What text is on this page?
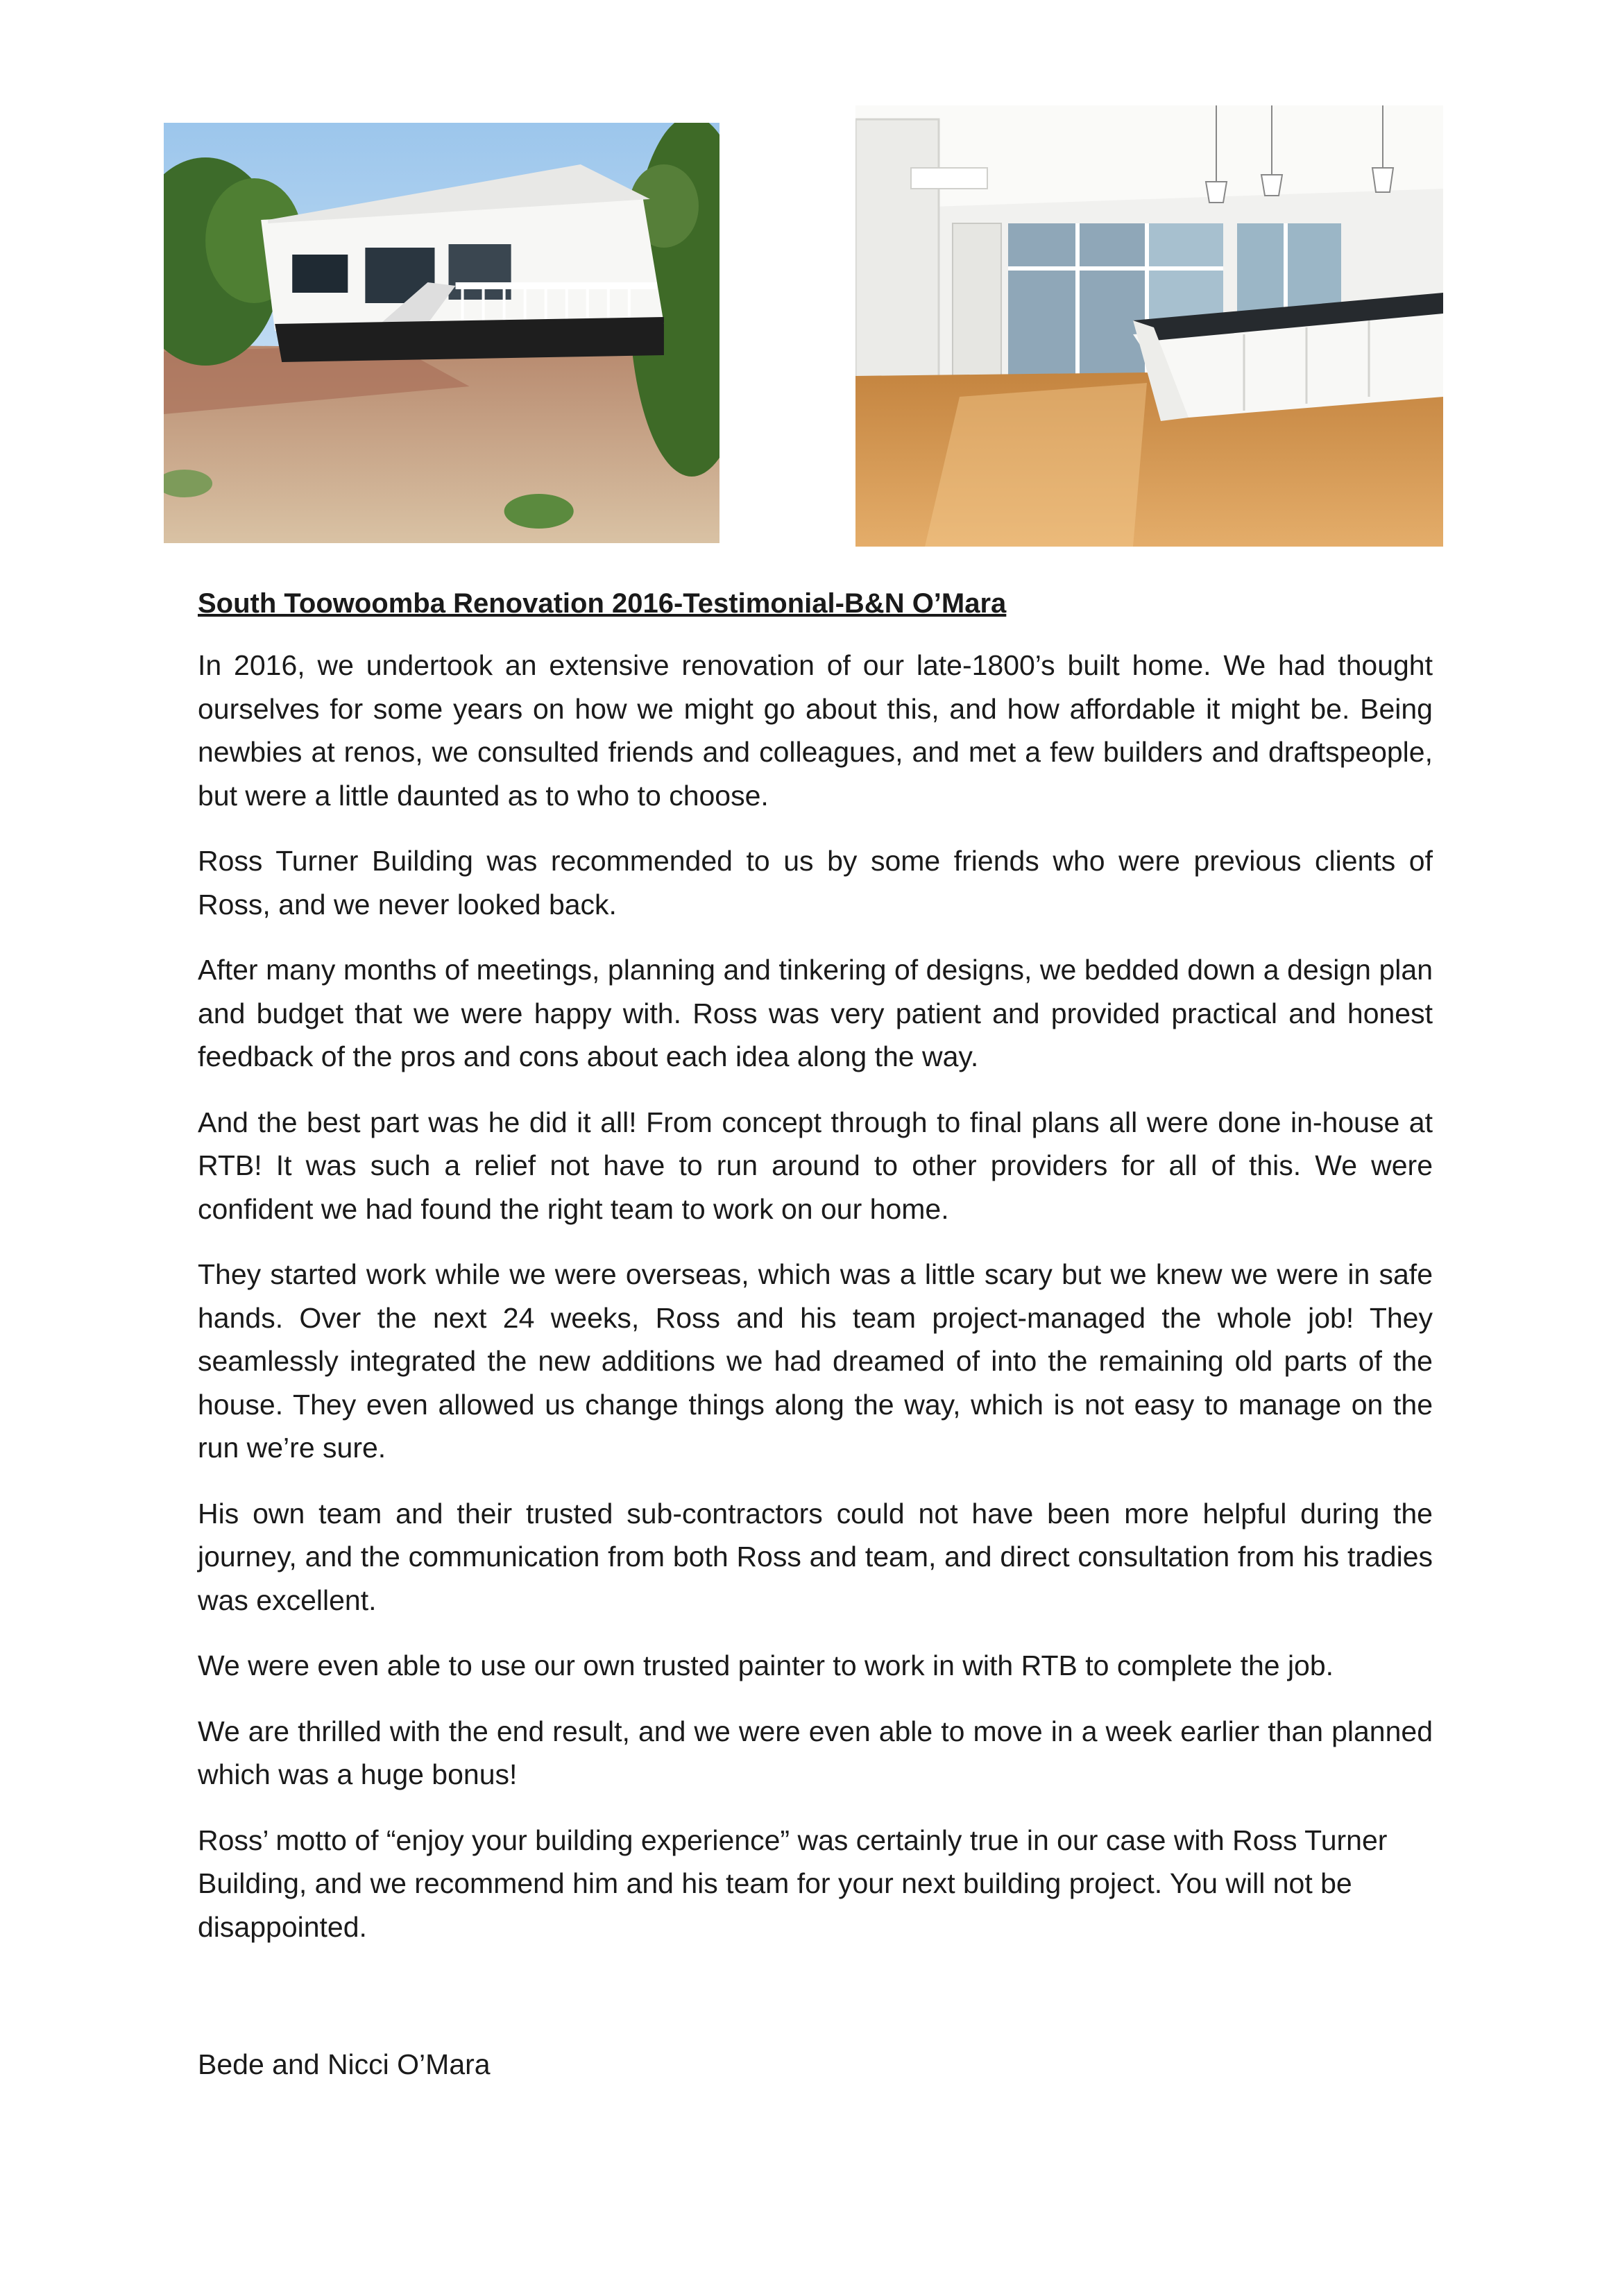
South Toowoomba Renovation 2016-Testimonial-B&N O’Mara

In 2016, we undertook an extensive renovation of our late-1800’s built home. We had thought ourselves for some years on how we might go about this, and how affordable it might be. Being newbies at renos, we consulted friends and colleagues, and met a few builders and draftspeople, but were a little daunted as to who to choose.

Ross Turner Building was recommended to us by some friends who were previous clients of Ross, and we never looked back.

After many months of meetings, planning and tinkering of designs, we bedded down a design plan and budget that we were happy with. Ross was very patient and provided practical and honest feedback of the pros and cons about each idea along the way.

And the best part was he did it all! From concept through to final plans all were done in-house at RTB! It was such a relief not have to run around to other providers for all of this. We were confident we had found the right team to work on our home.

They started work while we were overseas, which was a little scary but we knew we were in safe hands. Over the next 24 weeks, Ross and his team project-managed the whole job! They seamlessly integrated the new additions we had dreamed of into the remaining old parts of the house. They even allowed us change things along the way, which is not easy to manage on the run we’re sure.

His own team and their trusted sub-contractors could not have been more helpful during the journey, and the communication from both Ross and team, and direct consultation from his tradies was excellent.

We were even able to use our own trusted painter to work in with RTB to complete the job.

We are thrilled with the end result, and we were even able to move in a week earlier than planned which was a huge bonus!

Ross’ motto of “enjoy your building experience” was certainly true in our case with Ross Turner Building, and we recommend him and his team for your next building project. You will not be disappointed.

Bede and Nicci O’Mara
